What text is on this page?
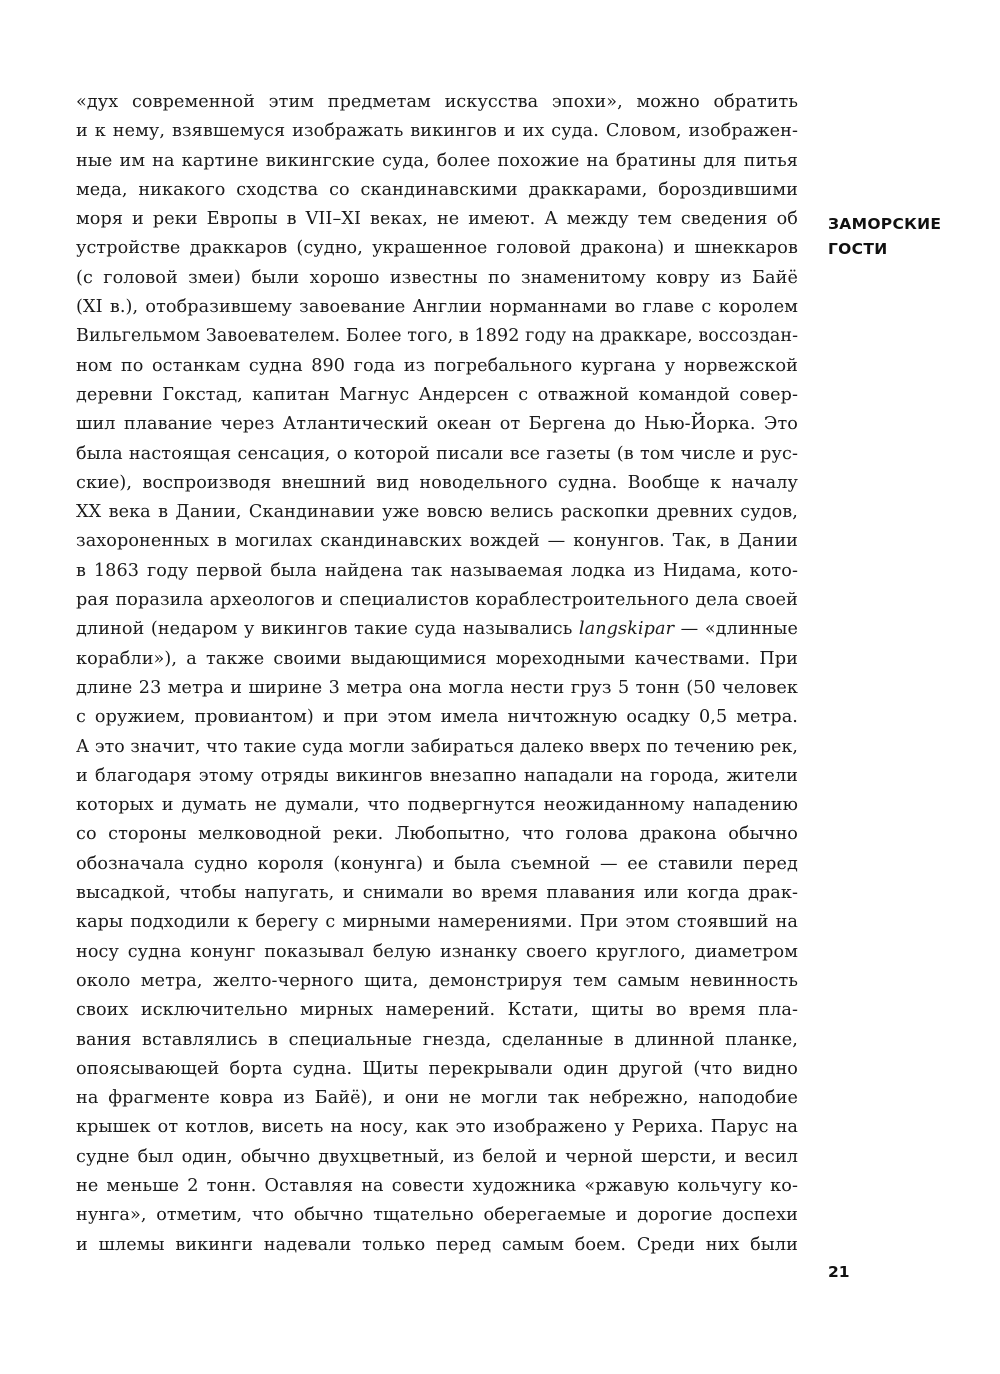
«дух современной этим предметам искусства эпохи», можно обратить
и к нему, взявшемуся изображать викингов и их суда. Словом, изображен-
ные им на картине викингские суда, более похожие на братины для питья
меда, никакого сходства со скандинавскими драккарами, бороздившими
моря и реки Европы в VII–XI веках, не имеют. А между тем сведения об
устройстве драккаров (судно, украшенное головой дракона) и шнеккаров
(с головой змеи) были хорошо известны по знаменитому ковру из Байё
(XI в.), отобразившему завоевание Англии норманнами во главе с королем
Вильгельмом Завоевателем. Более того, в 1892 году на драккаре, воссоздан-
ном по останкам судна 890 года из погребального кургана у норвежской
деревни Гокстад, капитан Магнус Андерсен с отважной командой совер-
шил плавание через Атлантический океан от Бергена до Нью-Йорка. Это
была настоящая сенсация, о которой писали все газеты (в том числе и рус-
ские), воспроизводя внешний вид новодельного судна. Вообще к началу
XX века в Дании, Скандинавии уже вовсю велись раскопки древних судов,
захороненных в могилах скандинавских вождей — конунгов. Так, в Дании
в 1863 году первой была найдена так называемая лодка из Нидама, кото-
рая поразила археологов и специалистов кораблестроительного дела своей
длиной (недаром у викингов такие суда назывались langskipar — «длинные
корабли»), а также своими выдающимися мореходными качествами. При
длине 23 метра и ширине 3 метра она могла нести груз 5 тонн (50 человек
с оружием, провиантом) и при этом имела ничтожную осадку 0,5 метра.
А это значит, что такие суда могли забираться далеко вверх по течению рек,
и благодаря этому отряды викингов внезапно нападали на города, жители
которых и думать не думали, что подвергнутся неожиданному нападению
со стороны мелководной реки. Любопытно, что голова дракона обычно
обозначала судно короля (конунга) и была съемной — ее ставили перед
высадкой, чтобы напугать, и снимали во время плавания или когда драк-
кары подходили к берегу с мирными намерениями. При этом стоявший на
носу судна конунг показывал белую изнанку своего круглого, диаметром
около метра, желто-черного щита, демонстрируя тем самым невинность
своих исключительно мирных намерений. Кстати, щиты во время пла-
вания вставлялись в специальные гнезда, сделанные в длинной планке,
опоясывающей борта судна. Щиты перекрывали один другой (что видно
на фрагменте ковра из Байё), и они не могли так небрежно, наподобие
крышек от котлов, висеть на носу, как это изображено у Рериха. Парус на
судне был один, обычно двухцветный, из белой и черной шерсти, и весил
не меньше 2 тонн. Оставляя на совести художника «ржавую кольчугу ко-
нунга», отметим, что обычно тщательно оберегаемые и дорогие доспехи
и шлемы викинги надевали только перед самым боем. Среди них были
ЗАМОРСКИЕ
ГОСТИ
21
